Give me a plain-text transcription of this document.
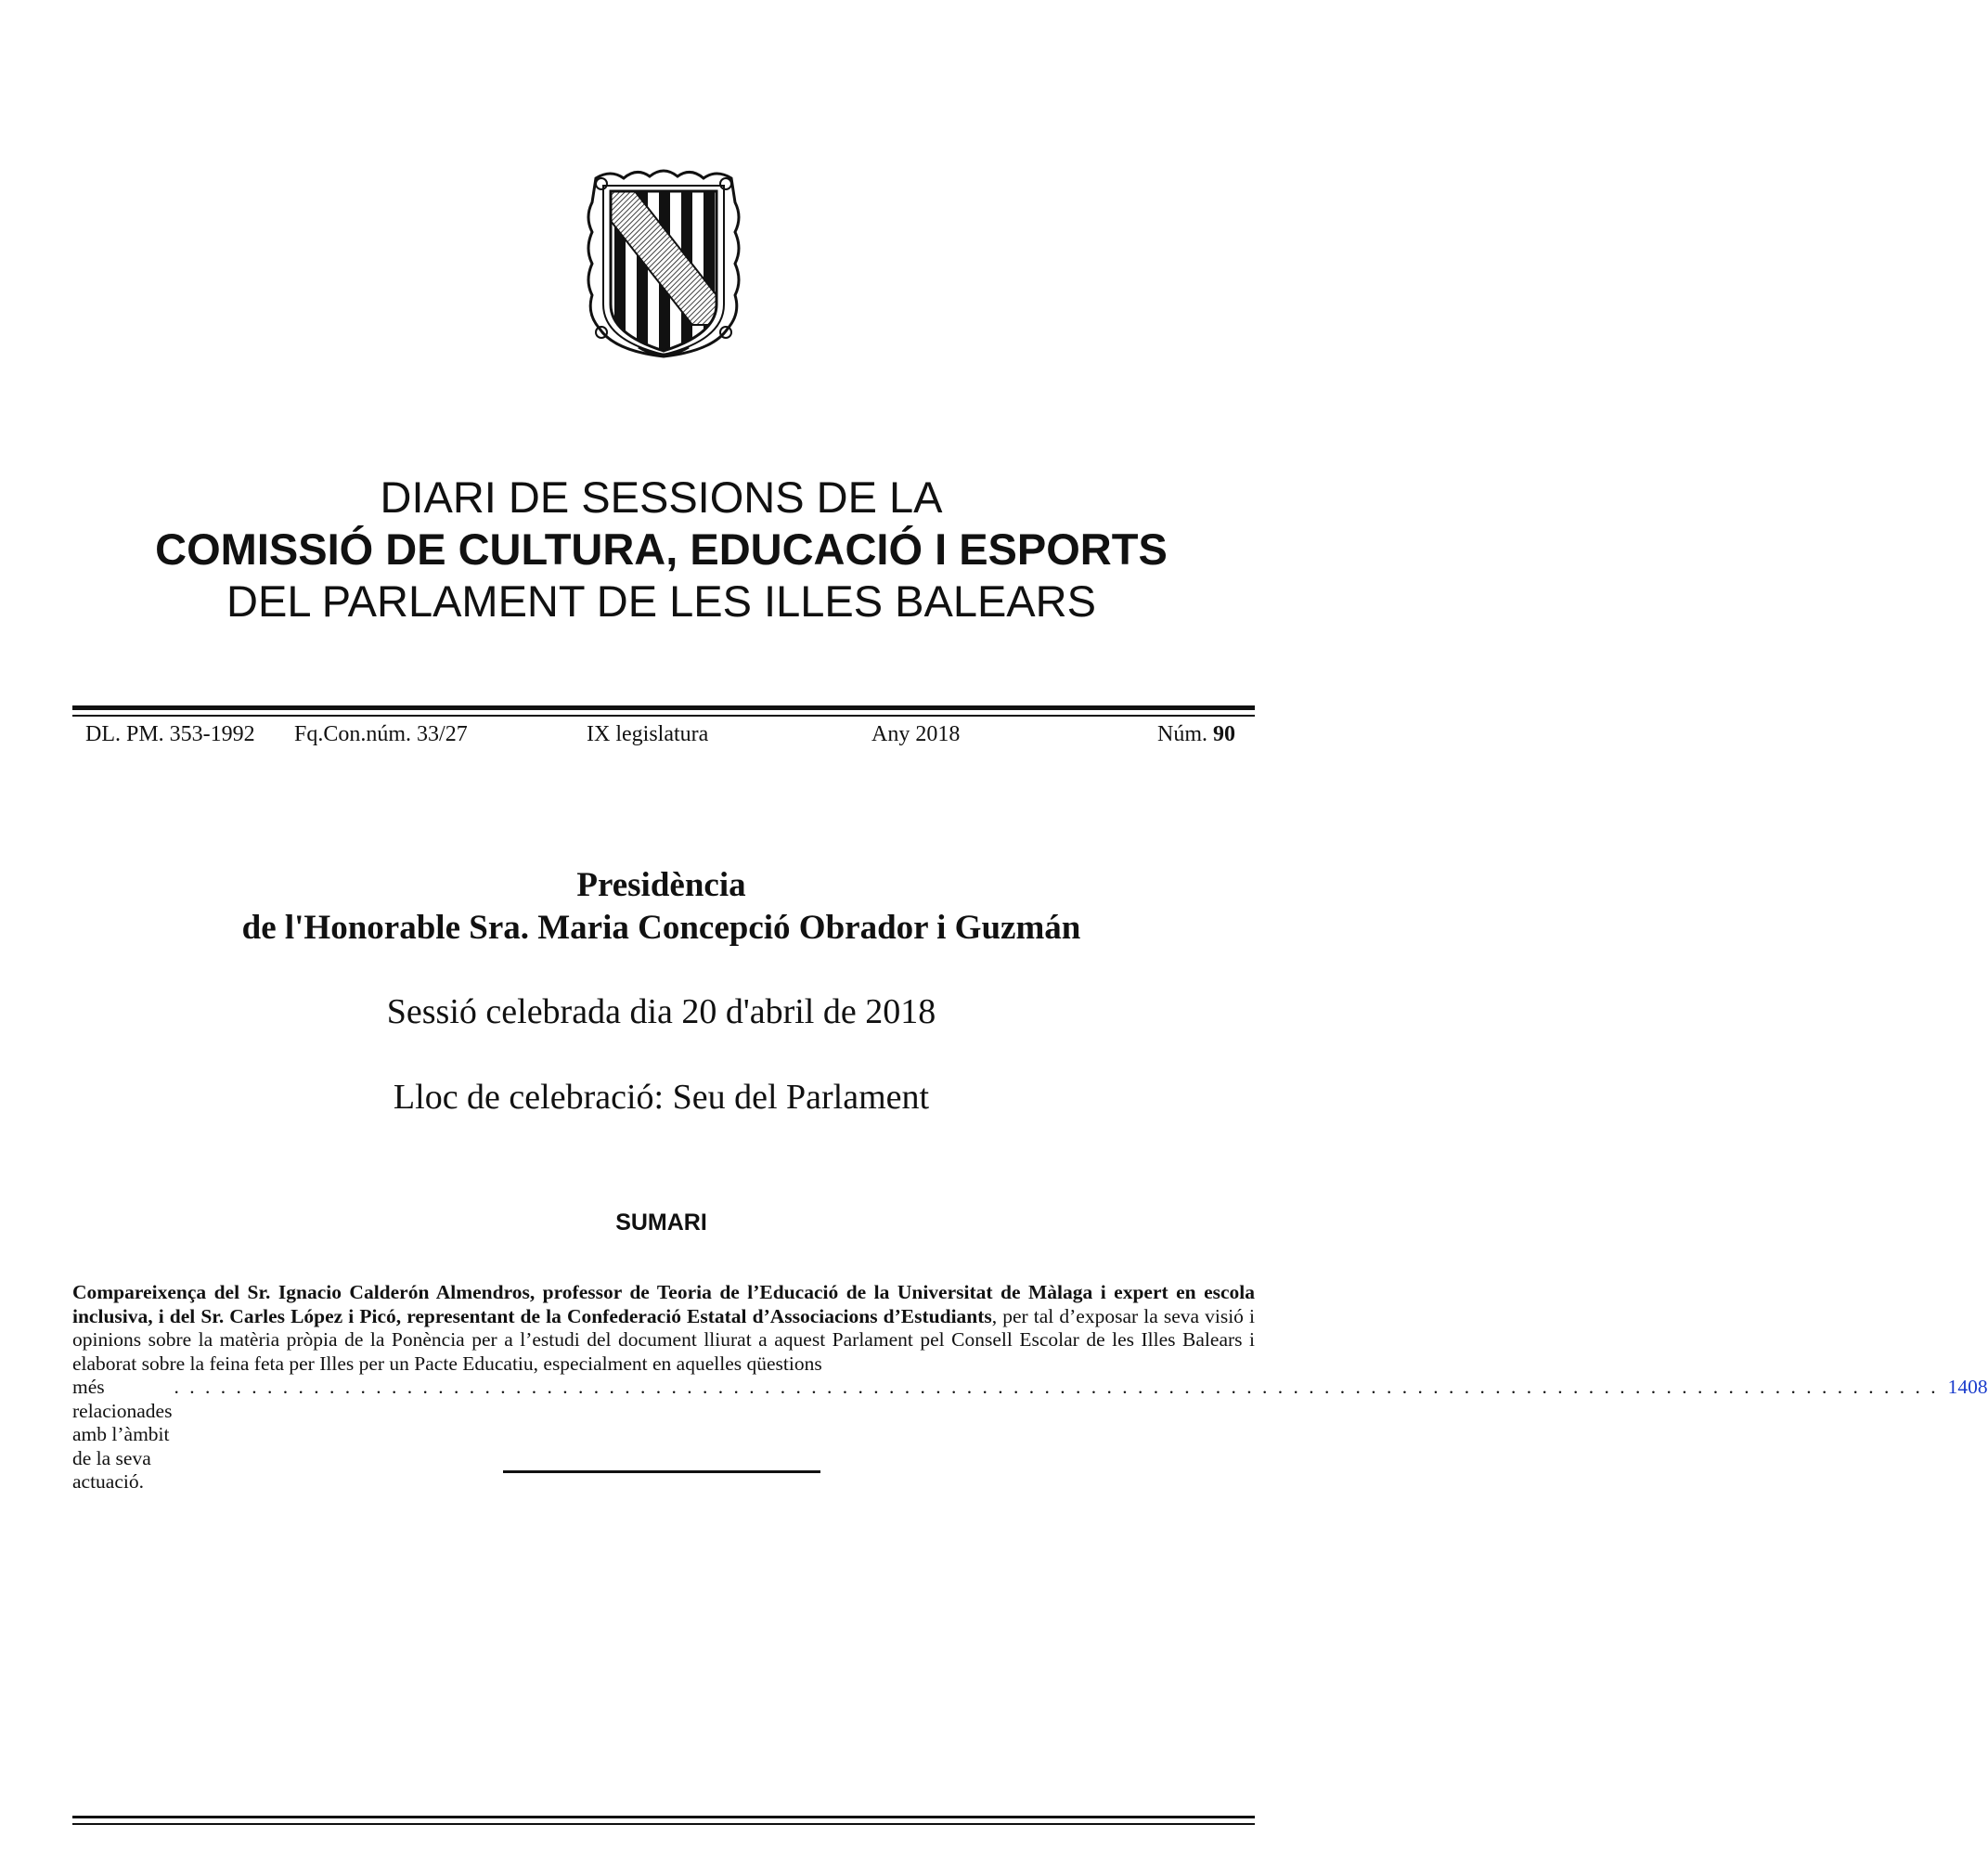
DIARI DE SESSIONS DE LA
COMISSIÓ DE CULTURA, EDUCACIÓ I ESPORTS
DEL PARLAMENT DE LES ILLES BALEARS
DL. PM. 353-1992 Fq.Con.núm. 33/27	IX legislatura	Any 2018	Núm. 90
Presidència
de l'Honorable Sra. Maria Concepció Obrador i Guzmán
Sessió celebrada dia 20 d'abril de 2018
Lloc de celebració: Seu del Parlament
SUMARI
Compareixença del Sr. Ignacio Calderón Almendros, professor de Teoria de l’Educació de la Universitat de Màlaga i expert en escola inclusiva, i del Sr. Carles López i Picó, representant de la Confederació Estatal d’Associacions d’Estudiants, per tal d’exposar la seva visió i opinions sobre la matèria pròpia de la Ponència per a l’estudi del document lliurat a aquest Parlament pel Consell Escolar de les Illes Balears i elaborat sobre la feina feta per Illes per un Pacte Educatiu, especialment en aquelles qüestions
més relacionades amb l’àmbit de la seva actuació.
. . . . . . . . . . . . . . . . . . . . . . . . . . . . . . . . . . . . . . . . . . . . . . . . . . . . . . . . . . . . . . . . . . . . . . . . . . . . . . . . . . . . . . . . . . . . . . . . . . . . . . . . . . . . . . . . . . 1408
